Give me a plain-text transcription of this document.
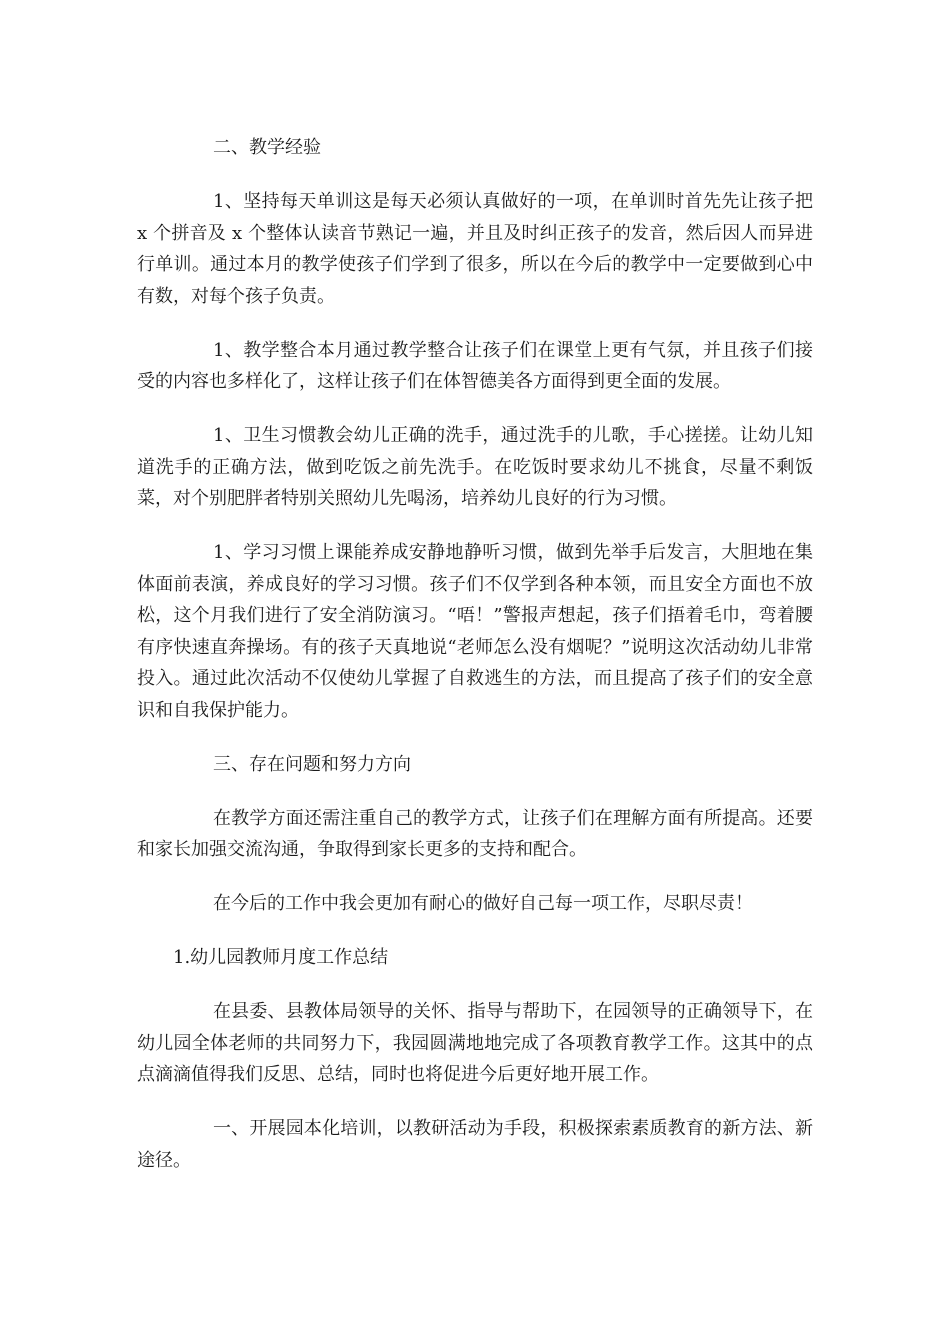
二、教学经验

1、坚持每天单训这是每天必须认真做好的一项，在单训时首先先让孩子把 x 个拼音及 x 个整体认读音节熟记一遍，并且及时纠正孩子的发音，然后因人而异进行单训。通过本月的教学使孩子们学到了很多，所以在今后的教学中一定要做到心中有数，对每个孩子负责。

1、教学整合本月通过教学整合让孩子们在课堂上更有气氛，并且孩子们接受的内容也多样化了，这样让孩子们在体智德美各方面得到更全面的发展。

1、卫生习惯教会幼儿正确的洗手，通过洗手的儿歌，手心搓搓。让幼儿知道洗手的正确方法，做到吃饭之前先洗手。在吃饭时要求幼儿不挑食，尽量不剩饭菜，对个别肥胖者特别关照幼儿先喝汤，培养幼儿良好的行为习惯。

1、学习习惯上课能养成安静地静听习惯，做到先举手后发言，大胆地在集体面前表演，养成良好的学习习惯。孩子们不仅学到各种本领，而且安全方面也不放松，这个月我们进行了安全消防演习。“唔！”警报声想起，孩子们捂着毛巾，弯着腰有序快速直奔操场。有的孩子天真地说“老师怎么没有烟呢？”说明这次活动幼儿非常投入。通过此次活动不仅使幼儿掌握了自救逃生的方法，而且提高了孩子们的安全意识和自我保护能力。

三、存在问题和努力方向

在教学方面还需注重自己的教学方式，让孩子们在理解方面有所提高。还要和家长加强交流沟通，争取得到家长更多的支持和配合。

在今后的工作中我会更加有耐心的做好自己每一项工作，尽职尽责！

1.幼儿园教师月度工作总结

在县委、县教体局领导的关怀、指导与帮助下，在园领导的正确领导下，在幼儿园全体老师的共同努力下，我园圆满地地完成了各项教育教学工作。这其中的点点滴滴值得我们反思、总结，同时也将促进今后更好地开展工作。

一、开展园本化培训，以教研活动为手段，积极探索素质教育的新方法、新途径。
